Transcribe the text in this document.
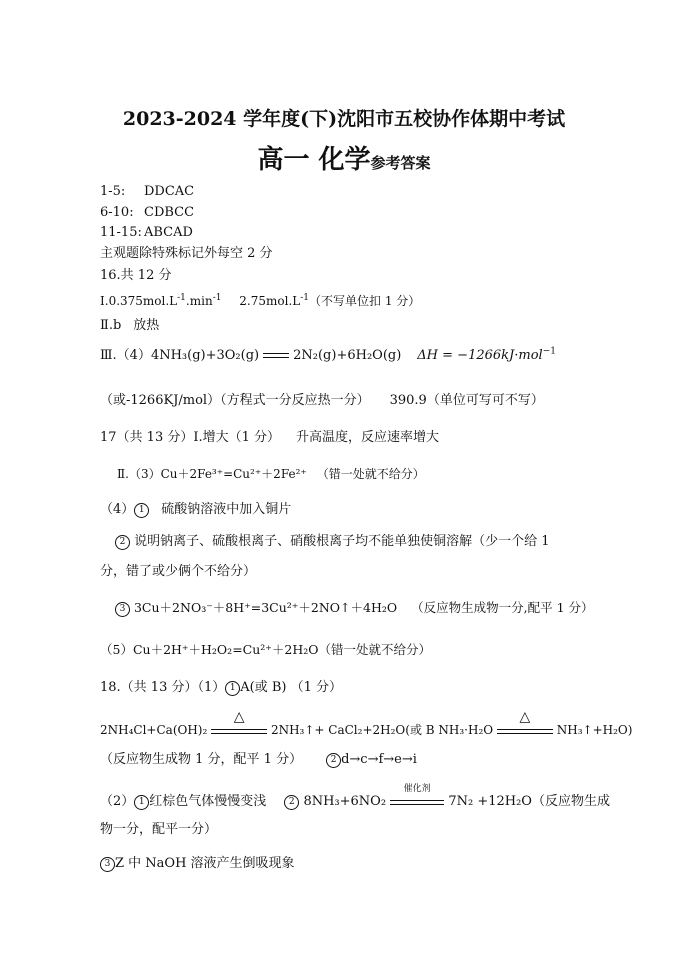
2023-2024 学年度(下)沈阳市五校协作体期中考试
高一 化学参考答案
1-5: DDCAC
6-10: CDBCC
11-15: ABCAD
主观题除特殊标记外每空 2 分
16.共 12 分
$Ⅰ.0.375mol.L^{-1}.\min^{-1}$ $2.75mol.L^{-1}$（不写单位扣 1 分）
Ⅱ.b 放热
Ⅲ.（4）4NH₃(g)+3O₂(g)	2N₂(g)+6H₂O(g) ΔH = −1266kJ·mol$^{-1}$
（或-1266KJ/mol）（方程式一分反应热一分） 390.9（单位可写可不写）
17（共 13 分）Ⅰ.增大（1 分） 升高温度，反应速率增大
Ⅱ.（3）Cu＋2Fe³⁺=Cu²⁺＋2Fe²⁺ （错一处就不给分）
（4） 1 硫酸钠溶液中加入铜片
2 说明钠离子、硫酸根离子、硝酸根离子均不能单独使铜溶解（少一个给 1
分，错了或少俩个不给分）
3 3Cu＋2NO₃⁻＋8H⁺=3Cu²⁺＋2NO↑＋4H₂O （反应物生成物一分,配平 1 分）
（5）Cu＋2H⁺＋H₂O₂=Cu²⁺＋2H₂O（错一处就不给分）
18.（共 13 分）（1） 1 A(或 B) （1 分）
2NH₄Cl+Ca(OH)₂
△
2NH₃↑+ CaCl₂+2H₂O(或 B NH₃·H₂O
△
NH₃↑+H₂O)
（反应物生成物 1 分，配平 1 分）	2 d→c→f→e→i
（2） 1 红棕色气体慢慢变浅	2 8NH₃+6NO₂
催化剂
7N₂ +12H₂O（反应物生成
物一分，配平一分）
3 Z 中 NaOH 溶液产生倒吸现象
